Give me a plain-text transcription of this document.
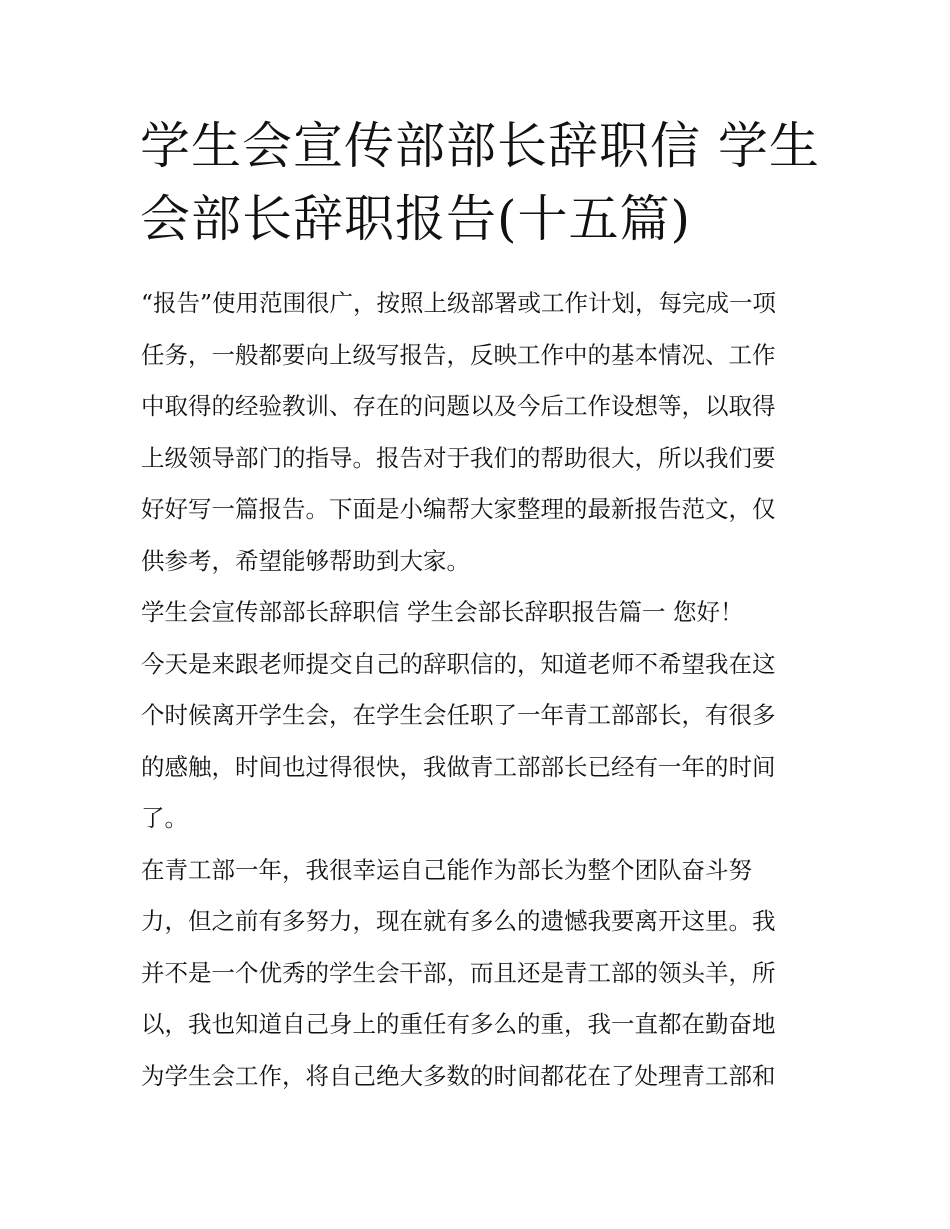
学生会宣传部部长辞职信 学生
会部长辞职报告(十五篇)

“报告”使用范围很广，按照上级部署或工作计划，每完成一项
任务，一般都要向上级写报告，反映工作中的基本情况、工作
中取得的经验教训、存在的问题以及今后工作设想等，以取得
上级领导部门的指导。报告对于我们的帮助很大，所以我们要
好好写一篇报告。下面是小编帮大家整理的最新报告范文，仅
供参考，希望能够帮助到大家。

学生会宣传部部长辞职信 学生会部长辞职报告篇一 您好！

今天是来跟老师提交自己的辞职信的，知道老师不希望我在这
个时候离开学生会，在学生会任职了一年青工部部长，有很多
的感触，时间也过得很快，我做青工部部长已经有一年的时间
了。

在青工部一年，我很幸运自己能作为部长为整个团队奋斗努
力，但之前有多努力，现在就有多么的遗憾我要离开这里。我
并不是一个优秀的学生会干部，而且还是青工部的领头羊，所
以，我也知道自己身上的重任有多么的重，我一直都在勤奋地
为学生会工作，将自己绝大多数的时间都花在了处理青工部和
